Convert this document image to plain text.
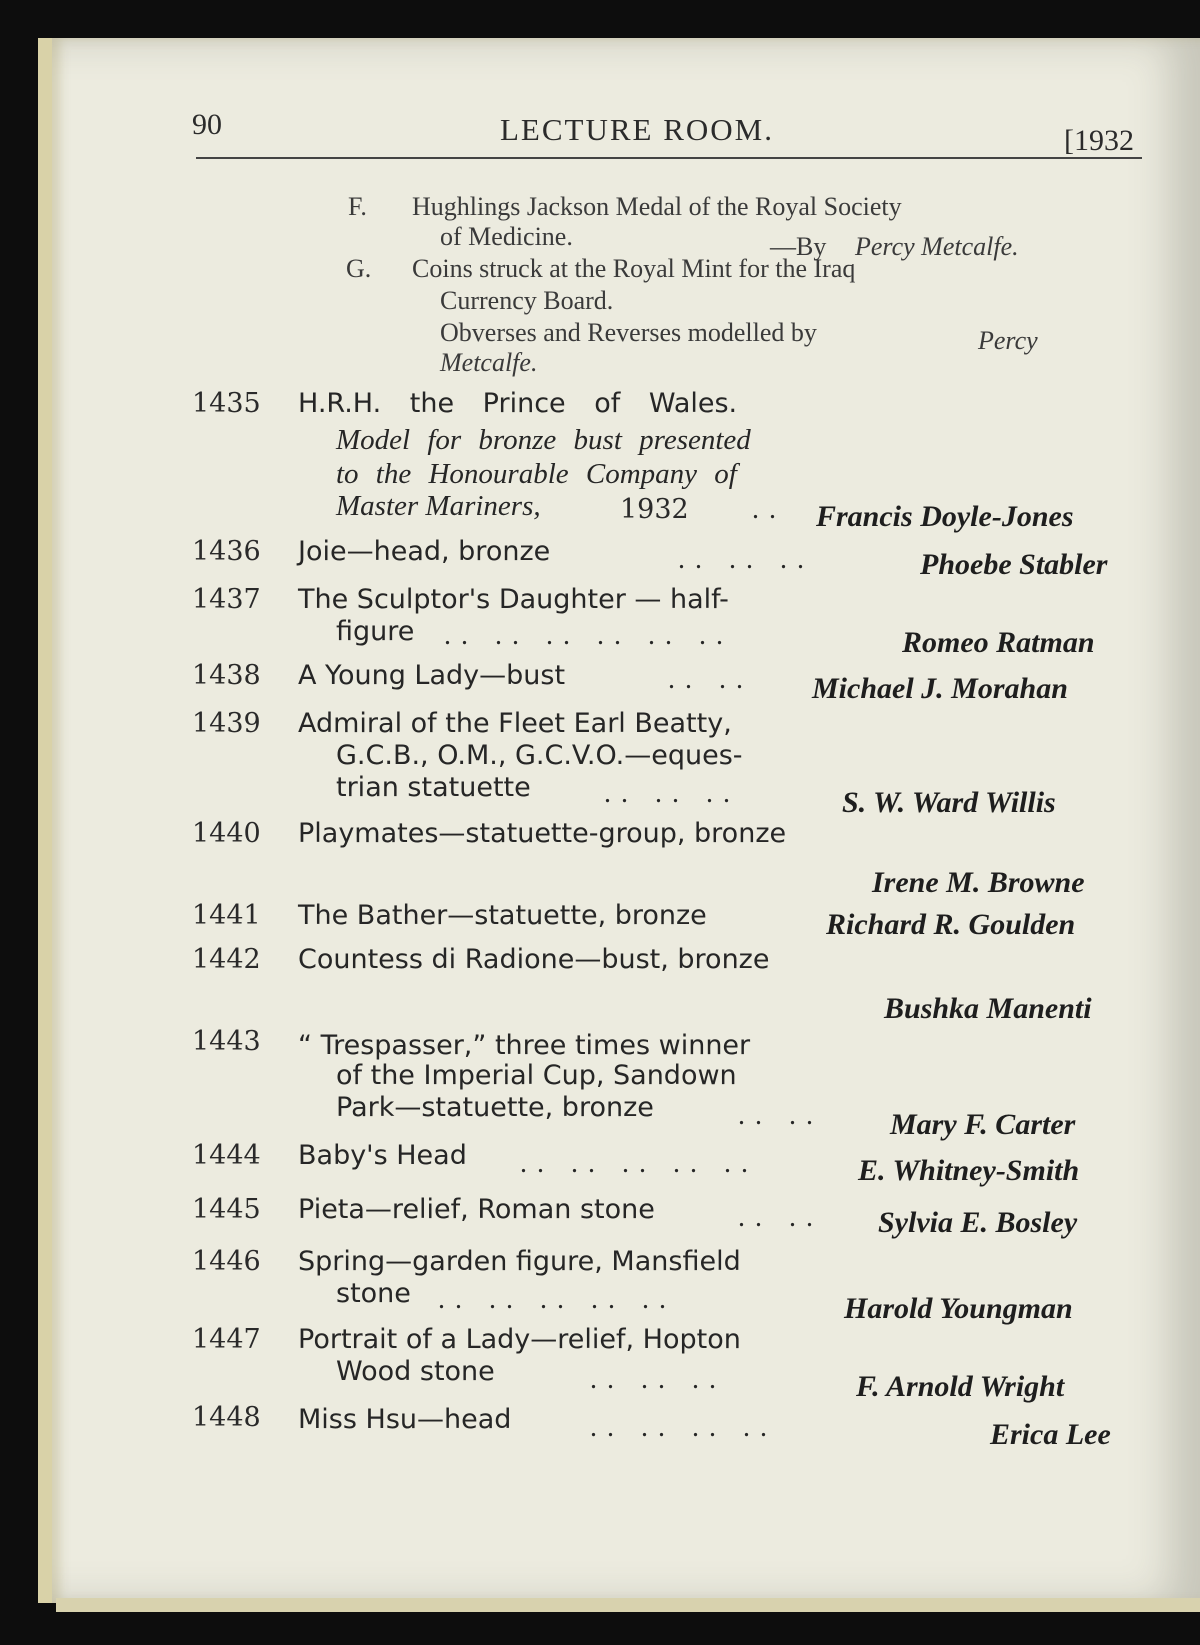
90	LECTURE ROOM.	[1932
F. Hughlings Jackson Medal of the Royal Society
of Medicine.	—By Percy Metcalfe.
G. Coins struck at the Royal Mint for the Iraq
Currency Board.
Obverses and Reverses modelled by	Percy
Metcalfe.
1435 H.R.H. the Prince of Wales.
Model for bronze bust presented
to the Honourable Company of
Master Mariners,	1932 .. Francis Doyle-Jones
1436 Joie—head, bronze	.. .. ..	Phoebe Stabler
1437 The Sculptor's Daughter — half-
figure .. .. .. .. .. ..	Romeo Ratman
1438 A Young Lady—bust	.. .. Michael J. Morahan
1439 Admiral of the Fleet Earl Beatty,
G.C.B., O.M., G.C.V.O.—eques-
trian statuette	.. .. ..	S. W. Ward Willis
1440 Playmates—statuette-group, bronze
Irene M. Browne
1441 The Bather—statuette, bronze	Richard R. Goulden
1442 Countess di Radione—bust, bronze
Bushka Manenti
1443 “ Trespasser,” three times winner
of the Imperial Cup, Sandown
Park—statuette, bronze	.. .. Mary F. Carter
1444 Baby's Head .. .. .. .. ..	E. Whitney-Smith
1445 Pieta—relief, Roman stone	.. .. Sylvia E. Bosley
1446 Spring—garden figure, Mansfield
stone .. .. .. .. ..	Harold Youngman
1447 Portrait of a Lady—relief, Hopton
Wood stone	.. .. ..	F. Arnold Wright
1448 Miss Hsu—head	.. .. .. ..	Erica Lee
